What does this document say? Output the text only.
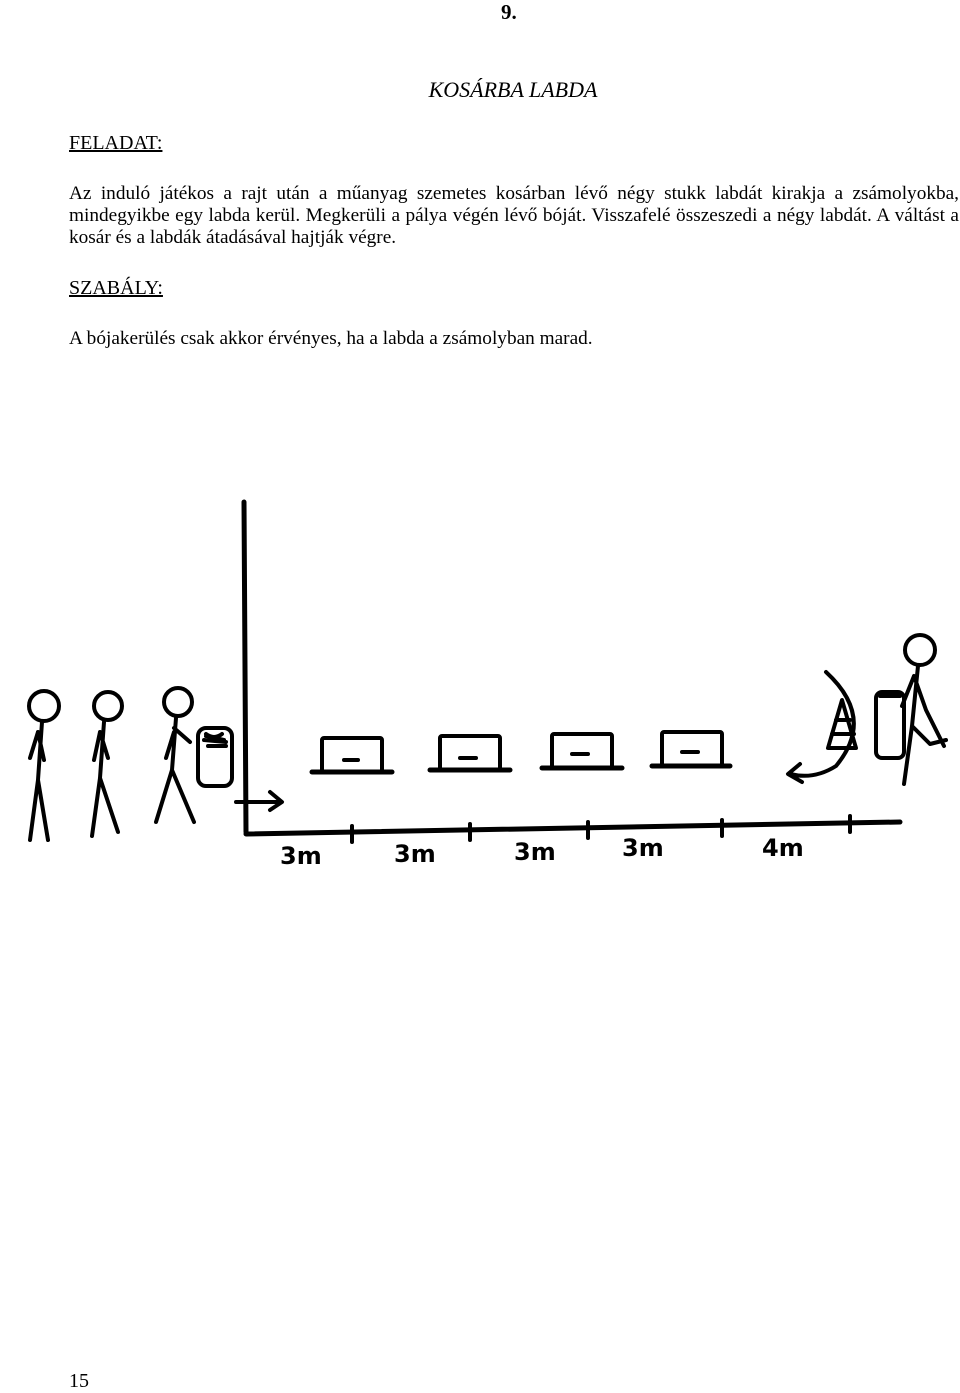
9.
KOSÁRBA LABDA
FELADAT:
Az induló játékos a rajt után a műanyag szemetes kosárban lévő négy stukk labdát kirakja a zsámolyokba, mindegyikbe egy labda kerül. Megkerüli a pálya végén lévő bóját. Visszafelé összeszedi a négy labdát. A váltást a kosár és a labdák átadásával hajtják végre.
SZABÁLY:
A bójakerülés csak akkor érvényes, ha a labda a zsámolyban marad.
3m	3m	3m	3m	4m
15
